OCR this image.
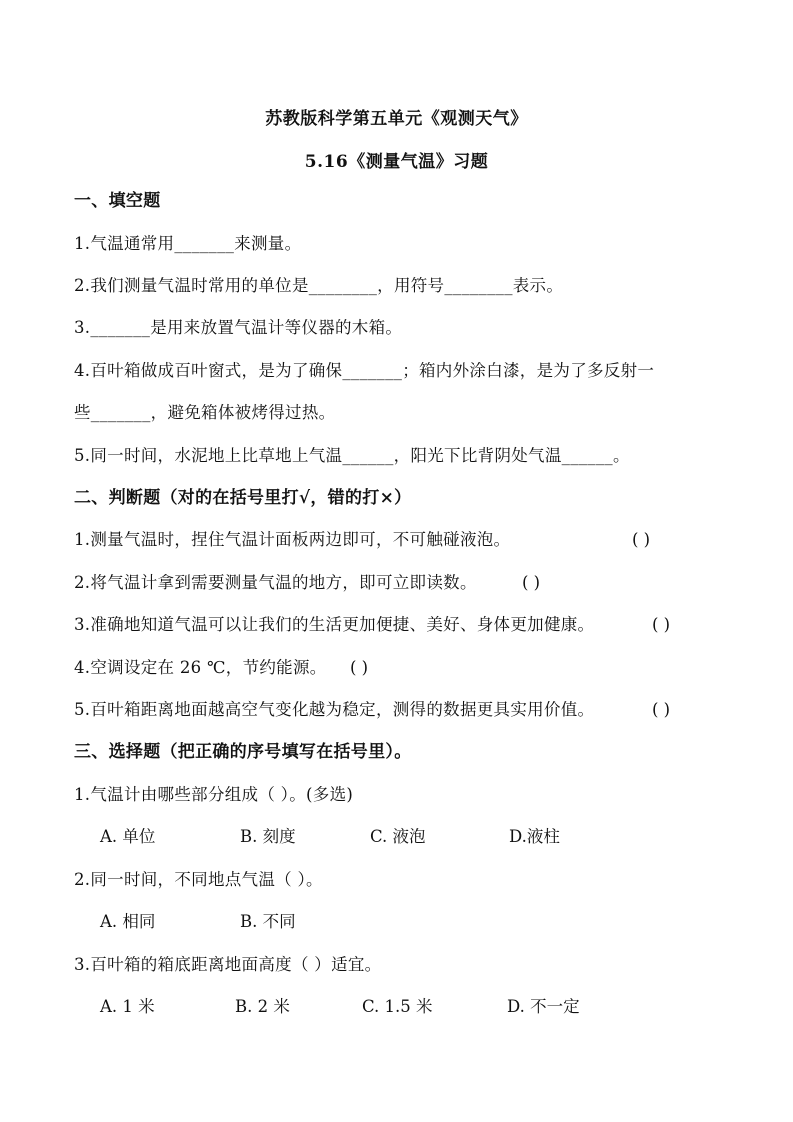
苏教版科学第五单元《观测天气》
5.16《测量气温》习题
一、填空题
1.气温通常用_______来测量。
2.我们测量气温时常用的单位是________，用符号________表示。
3._______是用来放置气温计等仪器的木箱。
4.百叶箱做成百叶窗式，是为了确保_______；箱内外涂白漆，是为了多反射一
些_______，避免箱体被烤得过热。
5.同一时间，水泥地上比草地上气温______，阳光下比背阴处气温______。
二、判断题（对的在括号里打√，错的打×）
1.测量气温时，捏住气温计面板两边即可，不可触碰液泡。	( )
2.将气温计拿到需要测量气温的地方，即可立即读数。	( )
3.准确地知道气温可以让我们的生活更加便捷、美好、身体更加健康。	( )
4.空调设定在 26 ℃，节约能源。 ( )
5.百叶箱距离地面越高空气变化越为稳定，测得的数据更具实用价值。	( )
三、选择题（把正确的序号填写在括号里）。
1.气温计由哪些部分组成（ ）。(多选)
A. 单位	B. 刻度	C. 液泡	D.液柱
2.同一时间，不同地点气温（ ）。
A. 相同	B. 不同
3.百叶箱的箱底距离地面高度（ ）适宜。
A. 1 米	B. 2 米	C. 1.5 米	D. 不一定
